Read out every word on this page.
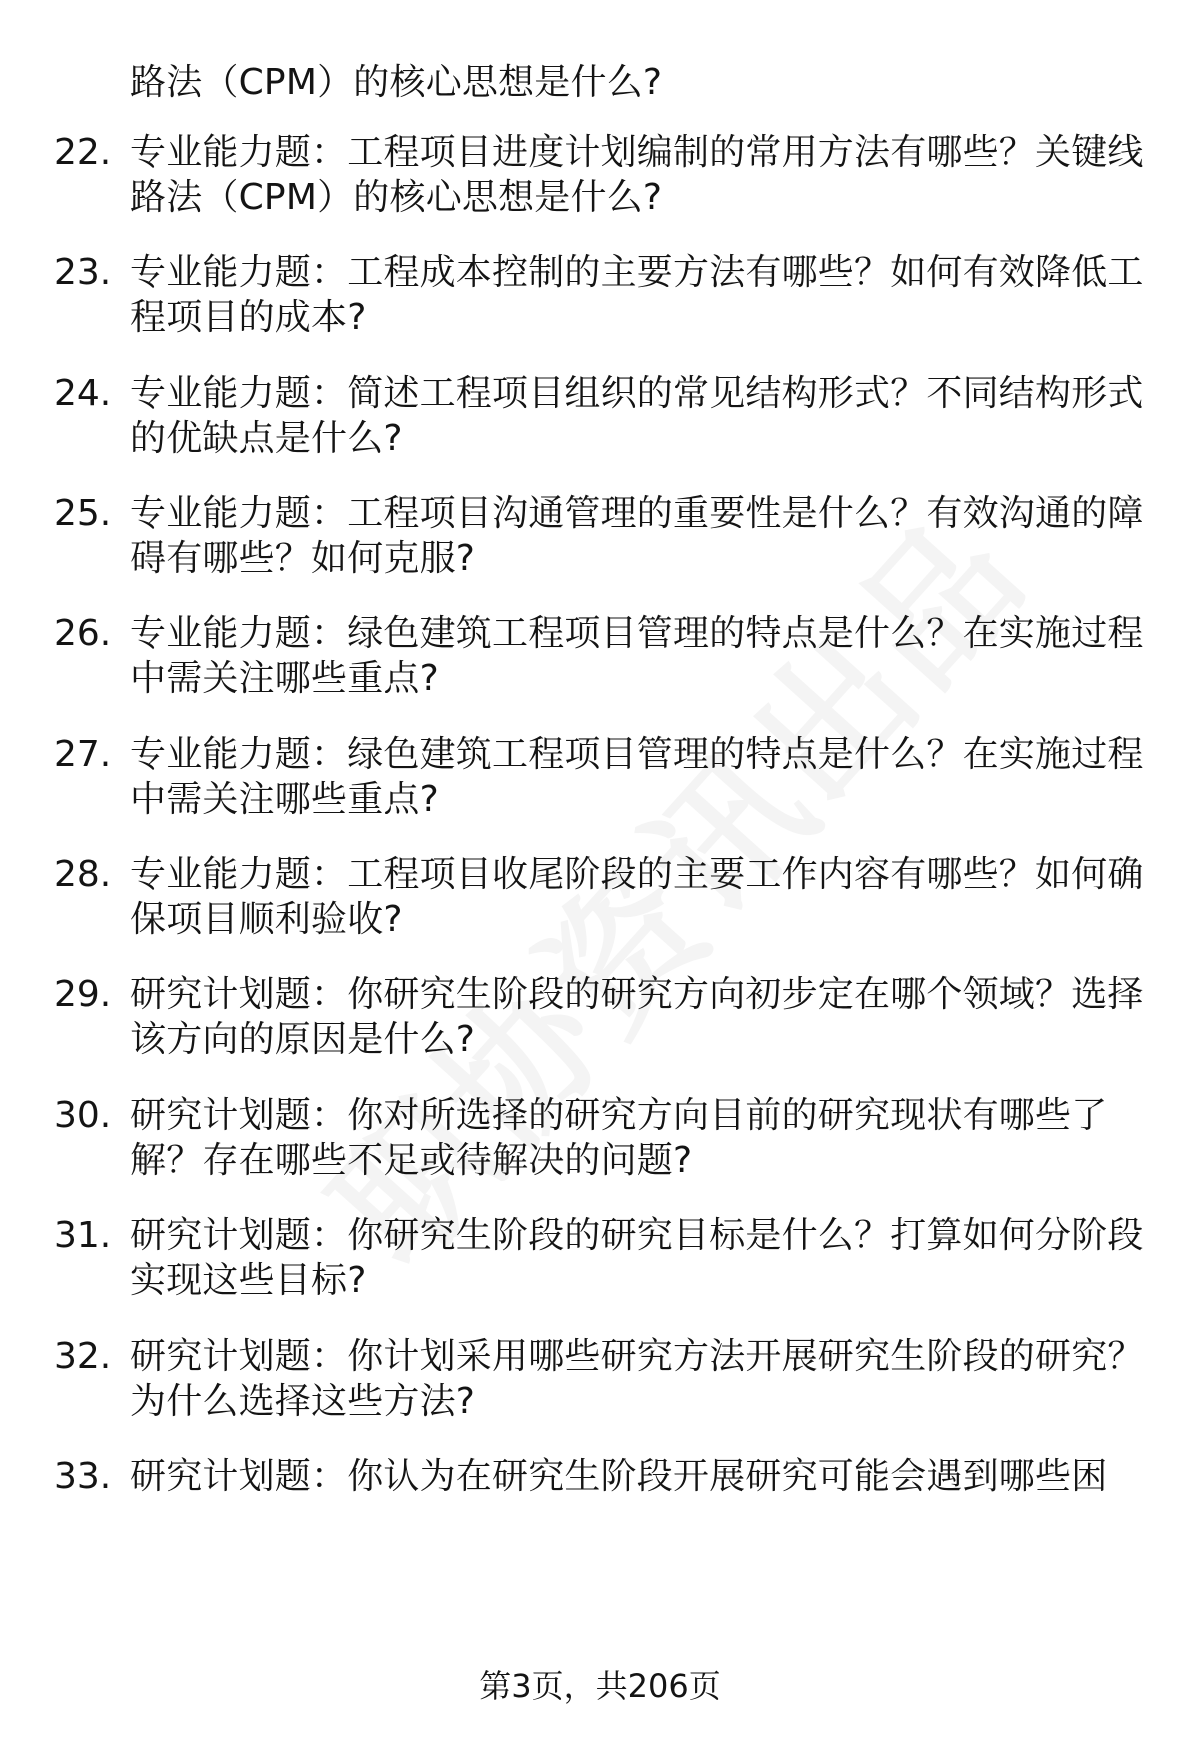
路法（CPM）的核心思想是什么?
22. 专业能力题：工程项目进度计划编制的常用方法有哪些？关键线
路法（CPM）的核心思想是什么?
23. 专业能力题：工程成本控制的主要方法有哪些？如何有效降低工
程项目的成本?
24. 专业能力题：简述工程项目组织的常见结构形式？不同结构形式
的优缺点是什么?
25. 专业能力题：工程项目沟通管理的重要性是什么？有效沟通的障
碍有哪些？如何克服?
26. 专业能力题：绿色建筑工程项目管理的特点是什么？在实施过程
中需关注哪些重点?
27. 专业能力题：绿色建筑工程项目管理的特点是什么？在实施过程
中需关注哪些重点?
28. 专业能力题：工程项目收尾阶段的主要工作内容有哪些？如何确
保项目顺利验收?
29. 研究计划题：你研究生阶段的研究方向初步定在哪个领域？选择
该方向的原因是什么?
30. 研究计划题：你对所选择的研究方向目前的研究现状有哪些了
解？存在哪些不足或待解决的问题?
31. 研究计划题：你研究生阶段的研究目标是什么？打算如何分阶段
实现这些目标?
32. 研究计划题：你计划采用哪些研究方法开展研究生阶段的研究？
为什么选择这些方法?
33. 研究计划题：你认为在研究生阶段开展研究可能会遇到哪些困
第3页，共206页
